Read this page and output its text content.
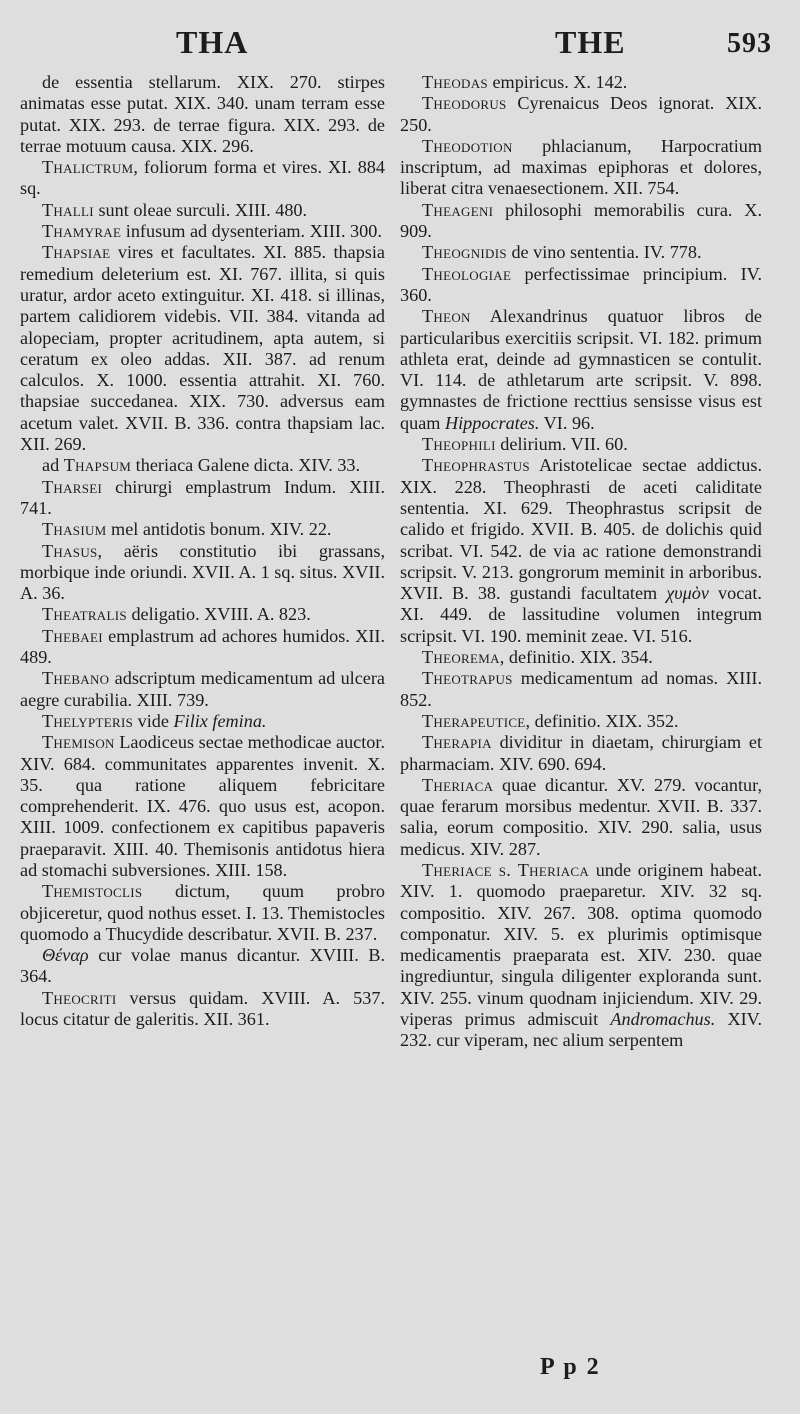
THA	THE	593

de essentia stellarum. XIX. 270. stirpes animatas esse putat. XIX. 340. unam terram esse putat. XIX. 293. de terrae figura. XIX. 293. de terrae motuum causa. XIX. 296.

Thalictrum, foliorum forma et vires. XI. 884 sq.

Thalli sunt oleae surculi. XIII. 480.

Thamyrae infusum ad dysenteriam. XIII. 300.

Thapsiae vires et facultates. XI. 885. thapsia remedium deleterium est. XI. 767. illita, si quis uratur, ardor aceto extinguitur. XI. 418. si illinas, partem calidiorem videbis. VII. 384. vitanda ad alopeciam, propter acritudinem, apta autem, si ceratum ex oleo addas. XII. 387. ad renum calculos. X. 1000. essentia attrahit. XI. 760. thapsiae succedanea. XIX. 730. adversus eam acetum valet. XVII. B. 336. contra thapsiam lac. XII. 269.

ad Thapsum theriaca Galene dicta. XIV. 33.

Tharsei chirurgi emplastrum Indum. XIII. 741.

Thasium mel antidotis bonum. XIV. 22.

Thasus, aëris constitutio ibi grassans, morbique inde oriundi. XVII. A. 1 sq. situs. XVII. A. 36.

Theatralis deligatio. XVIII. A. 823.

Thebaei emplastrum ad achores humidos. XII. 489.

Thebano adscriptum medicamentum ad ulcera aegre curabilia. XIII. 739.

Thelypteris vide Filix femina.

Themison Laodiceus sectae methodicae auctor. XIV. 684. communitates apparentes invenit. X. 35. qua ratione aliquem febricitare comprehenderit. IX. 476. quo usus est, acopon. XIII. 1009. confectionem ex capitibus papaveris praeparavit. XIII. 40. Themisonis antidotus hiera ad stomachi subversiones. XIII. 158.

Themistoclis dictum, quum probro objiceretur, quod nothus esset. I. 13. Themistocles quomodo a Thucydide describatur. XVII. B. 237.

Θέναρ cur volae manus dicantur. XVIII. B. 364.

Theocriti versus quidam. XVIII. A. 537. locus citatur de galeritis. XII. 361.

Theodas empiricus. X. 142.

Theodorus Cyrenaicus Deos ignorat. XIX. 250.

Theodotion phlacianum, Harpocratium inscriptum, ad maximas epiphoras et dolores, liberat citra venaesectionem. XII. 754.

Theageni philosophi memorabilis cura. X. 909.

Theognidis de vino sententia. IV. 778.

Theologiae perfectissimae principium. IV. 360.

Theon Alexandrinus quatuor libros de particularibus exercitiis scripsit. VI. 182. primum athleta erat, deinde ad gymnasticen se contulit. VI. 114. de athletarum arte scripsit. V. 898. gymnastes de frictione recttius sensisse visus est quam Hippocrates. VI. 96.

Theophili delirium. VII. 60.

Theophrastus Aristotelicae sectae addictus. XIX. 228. Theophrasti de aceti caliditate sententia. XI. 629. Theophrastus scripsit de calido et frigido. XVII. B. 405. de dolichis quid scribat. VI. 542. de via ac ratione demonstrandi scripsit. V. 213. gongrorum meminit in arboribus. XVII. B. 38. gustandi facultatem χυμὸν vocat. XI. 449. de lassitudine volumen integrum scripsit. VI. 190. meminit zeae. VI. 516.

Theorema, definitio. XIX. 354.

Theotrapus medicamentum ad nomas. XIII. 852.

Therapeutice, definitio. XIX. 352.

Therapia dividitur in diaetam, chirurgiam et pharmaciam. XIV. 690. 694.

Theriaca quae dicantur. XV. 279. vocantur, quae ferarum morsibus medentur. XVII. B. 337. salia, eorum compositio. XIV. 290. salia, usus medicus. XIV. 287.

Theriace s. Theriaca unde originem habeat. XIV. 1. quomodo praeparetur. XIV. 32 sq. compositio. XIV. 267. 308. optima quomodo componatur. XIV. 5. ex plurimis optimisque medicamentis praeparata est. XIV. 230. quae ingrediuntur, singula diligenter exploranda sunt. XIV. 255. vinum quodnam injiciendum. XIV. 29. viperas primus admiscuit Andromachus. XIV. 232. cur viperam, nec alium serpentem

P p 2
